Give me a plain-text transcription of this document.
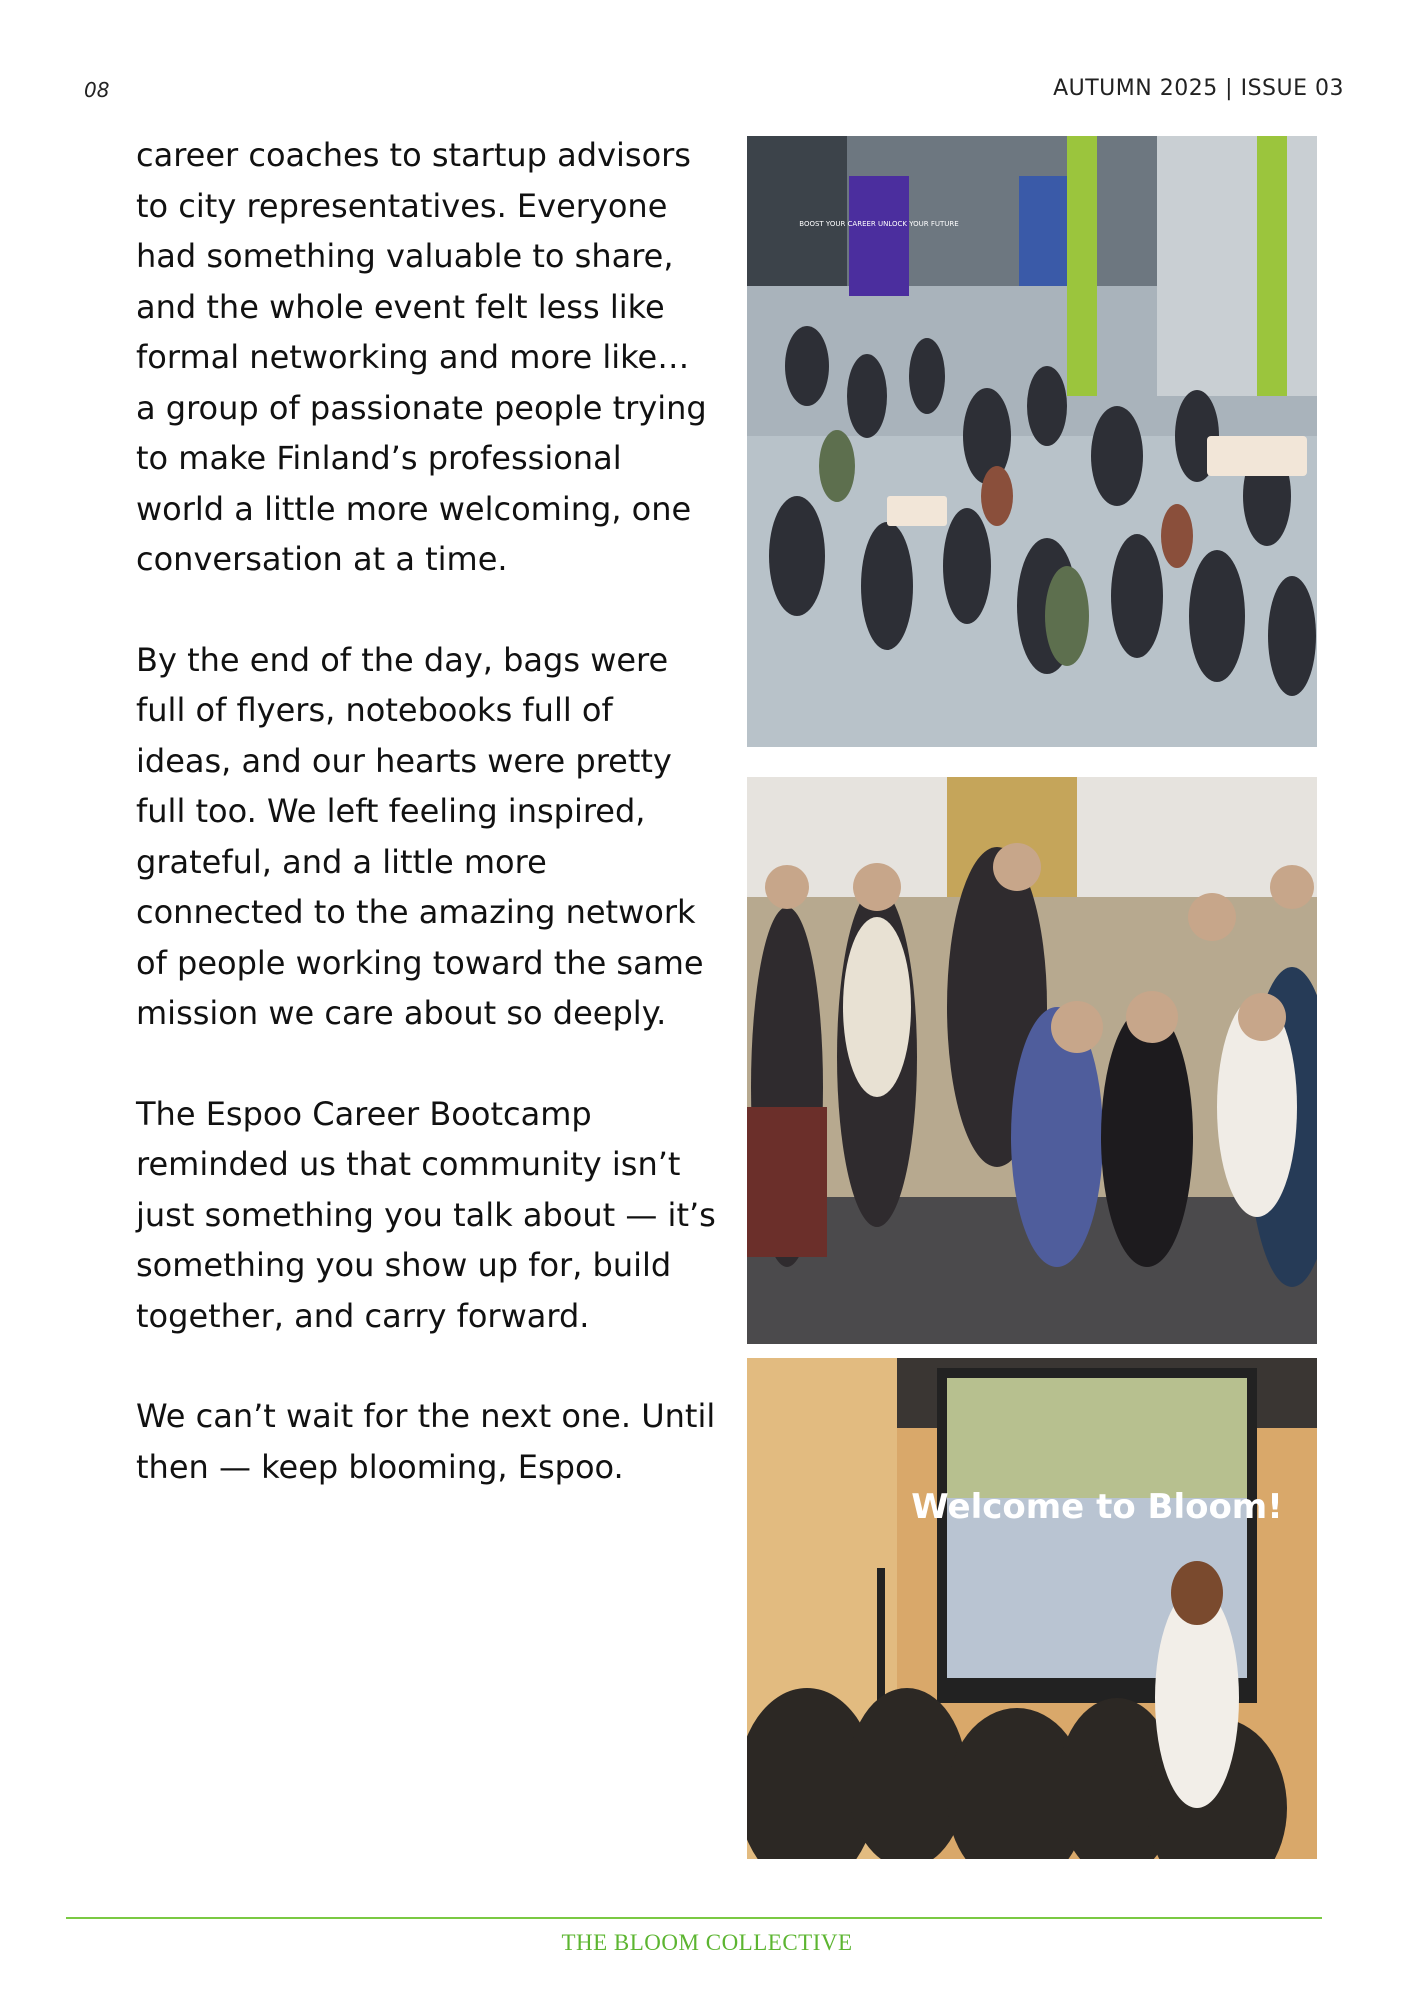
08	AUTUMN 2025 | ISSUE 03

career coaches to startup advisors to city representatives. Everyone had something valuable to share, and the whole event felt less like formal networking and more like… a group of passionate people trying to make Finland’s professional world a little more welcoming, one conversation at a time.

By the end of the day, bags were full of flyers, notebooks full of ideas, and our hearts were pretty full too. We left feeling inspired, grateful, and a little more connected to the amazing network of people working toward the same mission we care about so deeply.

The Espoo Career Bootcamp reminded us that community isn’t just something you talk about — it’s something you show up for, build together, and carry forward.

We can’t wait for the next one. Until then — keep blooming, Espoo.

BOOST YOUR CAREER UNLOCK YOUR FUTURE
Welcome to Bloom!
THE BLOOM COLLECTIVE
